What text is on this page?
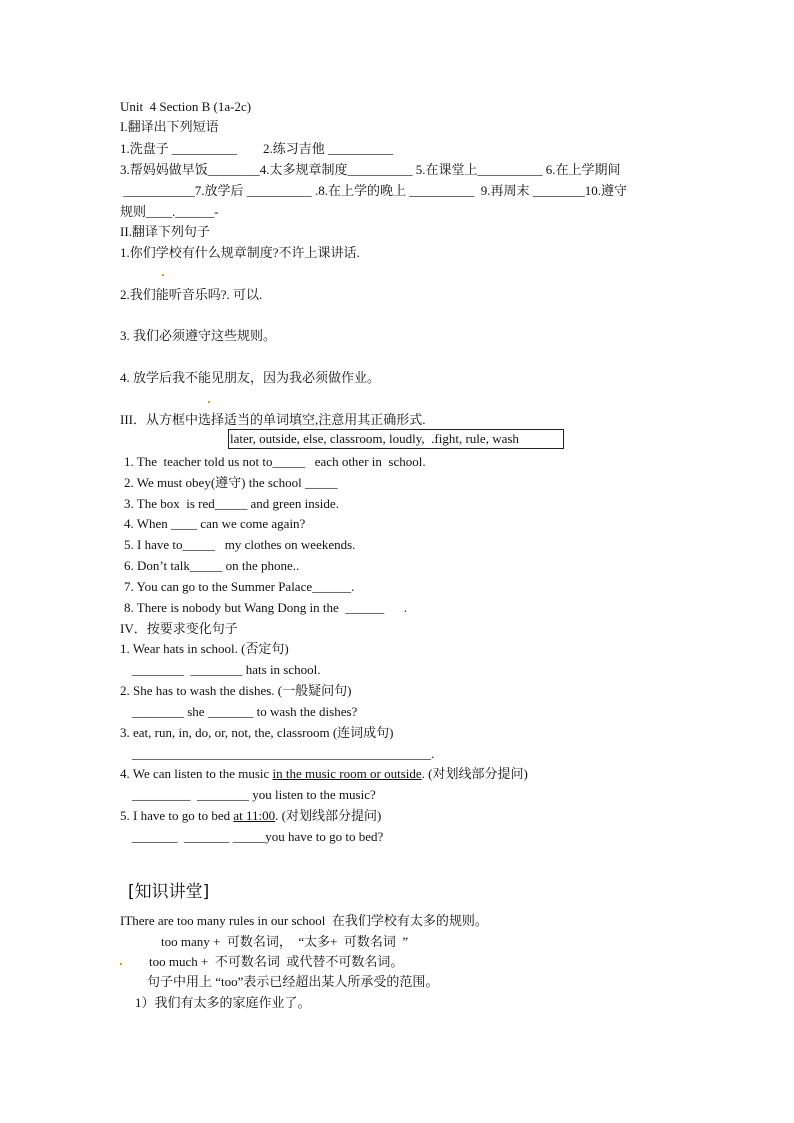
Unit  4 Section B (1a-2c)
I.翻译出下列短语
1.洗盘子 __________        2.练习吉他 __________
3.帮妈妈做早饭________4.太多规章制度__________ 5.在课堂上__________ 6.在上学期间
___________7.放学后 __________ .8.在上学的晚上 __________  9.再周末 ________10.遵守
规则____.______-
II.翻译下列句子
1.你们学校有什么规章制度?不许上课讲话.
2.我们能听音乐吗?. 可以.
3. 我们必须遵守这些规则。
4. 放学后我不能见朋友，因为我必须做作业。
III．从方框中选择适当的单词填空,注意用其正确形式.
later, outside, else, classroom, loudly,  .fight, rule, wash
1. The  teacher told us not to_____   each other in  school.
2. We must obey(遵守) the school _____
3. The box  is red_____ and green inside.
4. When ____ can we come again?
5. I have to_____   my clothes on weekends.
6. Don’t talk_____ on the phone..
7. You can go to the Summer Palace______.
8. There is nobody but Wang Dong in the  ______      .
IV．按要求变化句子
1. Wear hats in school. (否定句)
________  ________ hats in school.
2. She has to wash the dishes. (一般疑问句)
________ she _______ to wash the dishes?
3. eat, run, in, do, or, not, the, classroom (连词成句)
______________________________________________.
4. We can listen to the music in the music room or outside. (对划线部分提问)
_________  ________ you listen to the music?
5. I have to go to bed at 11:00. (对划线部分提问)
_______  _______ _____you have to go to bed?
[知识讲堂]
IThere are too many rules in our school  在我们学校有太多的规则。
too many +  可数名词，  “太多+  可数名词  ”
too much +  不可数名词  或代替不可数名词。
句子中用上 “too”表示已经超出某人所承受的范围。
1）我们有太多的家庭作业了。
